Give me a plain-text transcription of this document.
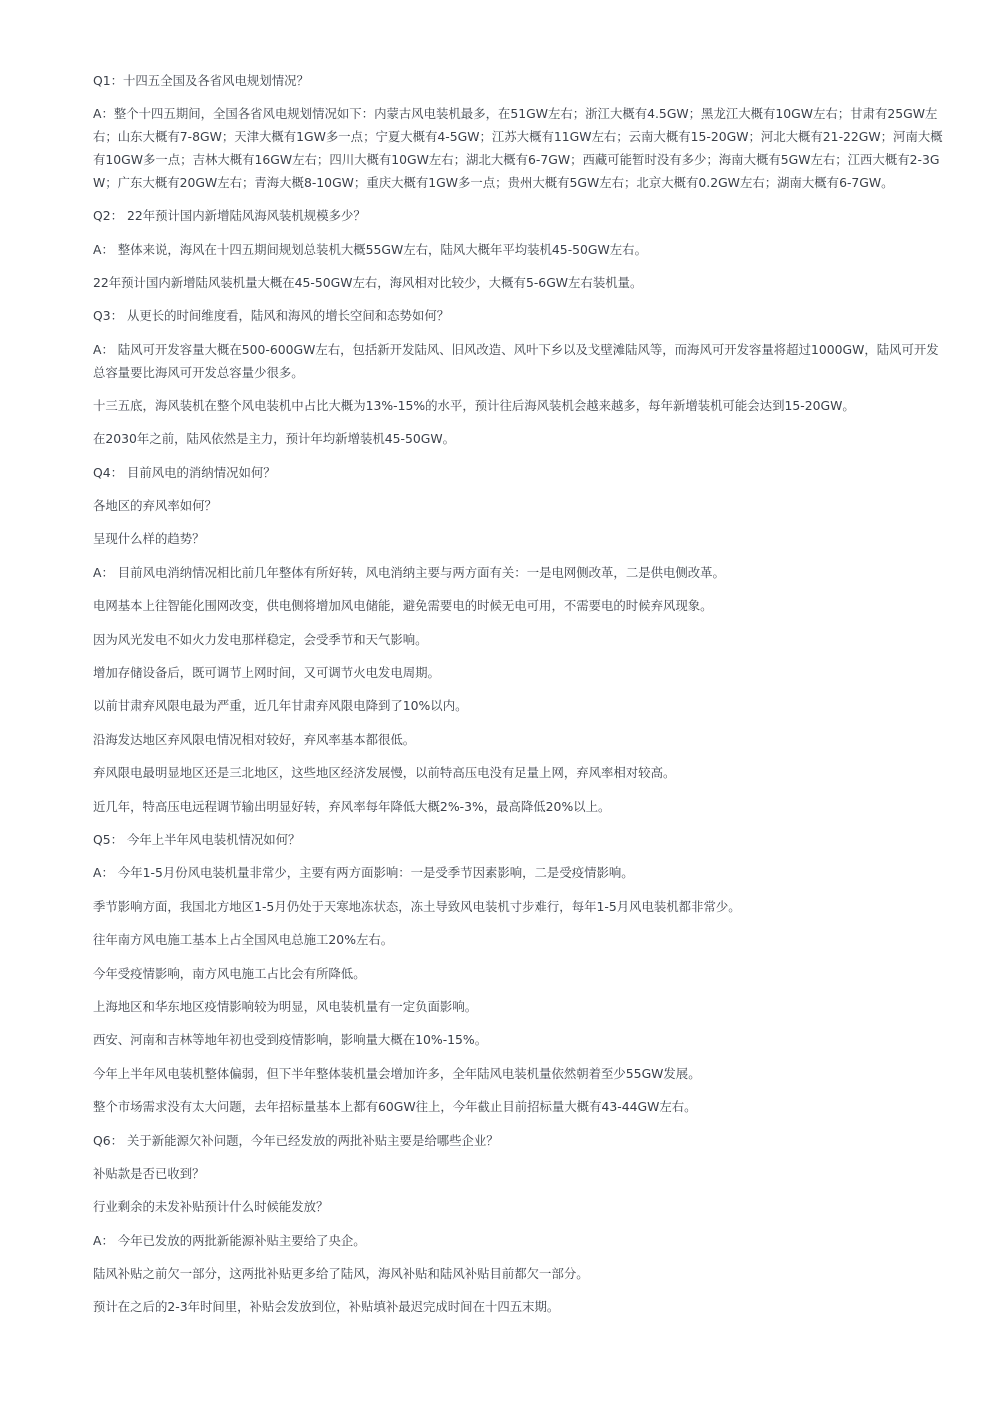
Q1：十四五全国及各省风电规划情况？

A：整个十四五期间，全国各省风电规划情况如下：内蒙古风电装机最多，在51GW左右；浙江大概有4.5GW；黑龙江大概有10GW左右；甘肃有25GW左右；山东大概有7-8GW；天津大概有1GW多一点；宁夏大概有4-5GW；江苏大概有11GW左右；云南大概有15-20GW；河北大概有21-22GW；河南大概有10GW多一点；吉林大概有16GW左右；四川大概有10GW左右；湖北大概有6-7GW；西藏可能暂时没有多少；海南大概有5GW左右；江西大概有2-3GW；广东大概有20GW左右；青海大概8-10GW；重庆大概有1GW多一点；贵州大概有5GW左右；北京大概有0.2GW左右；湖南大概有6-7GW。

Q2： 22年预计国内新增陆风海风装机规模多少？

A： 整体来说，海风在十四五期间规划总装机大概55GW左右，陆风大概年平均装机45-50GW左右。

22年预计国内新增陆风装机量大概在45-50GW左右，海风相对比较少，大概有5-6GW左右装机量。

Q3： 从更长的时间维度看，陆风和海风的增长空间和态势如何？

A： 陆风可开发容量大概在500-600GW左右，包括新开发陆风、旧风改造、风叶下乡以及戈壁滩陆风等，而海风可开发容量将超过1000GW，陆风可开发总容量要比海风可开发总容量少很多。

十三五底，海风装机在整个风电装机中占比大概为13%-15%的水平，预计往后海风装机会越来越多，每年新增装机可能会达到15-20GW。

在2030年之前，陆风依然是主力，预计年均新增装机45-50GW。

Q4： 目前风电的消纳情况如何？

各地区的弃风率如何？

呈现什么样的趋势？

A： 目前风电消纳情况相比前几年整体有所好转，风电消纳主要与两方面有关：一是电网侧改革，二是供电侧改革。

电网基本上往智能化围网改变，供电侧将增加风电储能，避免需要电的时候无电可用，不需要电的时候弃风现象。

因为风光发电不如火力发电那样稳定，会受季节和天气影响。

增加存储设备后，既可调节上网时间，又可调节火电发电周期。

以前甘肃弃风限电最为严重，近几年甘肃弃风限电降到了10%以内。

沿海发达地区弃风限电情况相对较好，弃风率基本都很低。

弃风限电最明显地区还是三北地区，这些地区经济发展慢，以前特高压电没有足量上网，弃风率相对较高。

近几年，特高压电远程调节输出明显好转，弃风率每年降低大概2%-3%，最高降低20%以上。

Q5： 今年上半年风电装机情况如何？

A： 今年1-5月份风电装机量非常少，主要有两方面影响：一是受季节因素影响，二是受疫情影响。

季节影响方面，我国北方地区1-5月仍处于天寒地冻状态，冻土导致风电装机寸步难行，每年1-5月风电装机都非常少。

往年南方风电施工基本上占全国风电总施工20%左右。

今年受疫情影响，南方风电施工占比会有所降低。

上海地区和华东地区疫情影响较为明显，风电装机量有一定负面影响。

西安、河南和吉林等地年初也受到疫情影响，影响量大概在10%-15%。

今年上半年风电装机整体偏弱，但下半年整体装机量会增加许多，全年陆风电装机量依然朝着至少55GW发展。

整个市场需求没有太大问题，去年招标量基本上都有60GW往上，今年截止目前招标量大概有43-44GW左右。

Q6： 关于新能源欠补问题，今年已经发放的两批补贴主要是给哪些企业？

补贴款是否已收到？

行业剩余的未发补贴预计什么时候能发放？

A： 今年已发放的两批新能源补贴主要给了央企。

陆风补贴之前欠一部分，这两批补贴更多给了陆风，海风补贴和陆风补贴目前都欠一部分。

预计在之后的2-3年时间里，补贴会发放到位，补贴填补最迟完成时间在十四五末期。
